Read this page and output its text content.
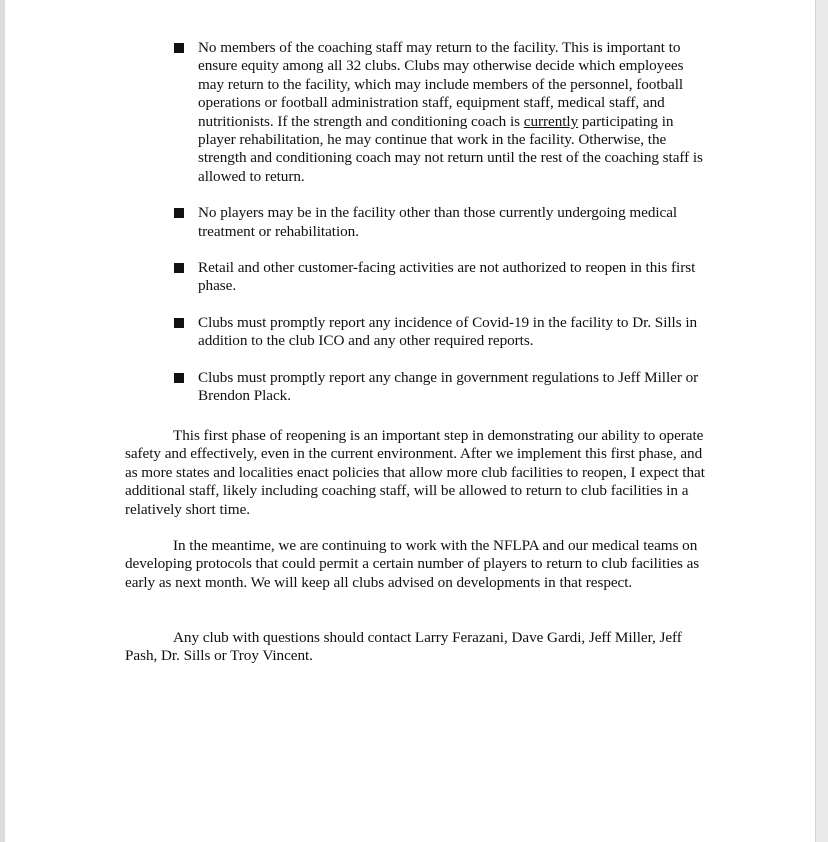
No members of the coaching staff may return to the facility. This is important to ensure equity among all 32 clubs. Clubs may otherwise decide which employees may return to the facility, which may include members of the personnel, football operations or football administration staff, equipment staff, medical staff, and nutritionists. If the strength and conditioning coach is currently participating in player rehabilitation, he may continue that work in the facility. Otherwise, the strength and conditioning coach may not return until the rest of the coaching staff is allowed to return.
No players may be in the facility other than those currently undergoing medical treatment or rehabilitation.
Retail and other customer-facing activities are not authorized to reopen in this first phase.
Clubs must promptly report any incidence of Covid-19 in the facility to Dr. Sills in addition to the club ICO and any other required reports.
Clubs must promptly report any change in government regulations to Jeff Miller or Brendon Plack.

This first phase of reopening is an important step in demonstrating our ability to operate safety and effectively, even in the current environment. After we implement this first phase, and as more states and localities enact policies that allow more club facilities to reopen, I expect that additional staff, likely including coaching staff, will be allowed to return to club facilities in a relatively short time.

In the meantime, we are continuing to work with the NFLPA and our medical teams on developing protocols that could permit a certain number of players to return to club facilities as early as next month. We will keep all clubs advised on developments in that respect.

Any club with questions should contact Larry Ferazani, Dave Gardi, Jeff Miller, Jeff Pash, Dr. Sills or Troy Vincent.
